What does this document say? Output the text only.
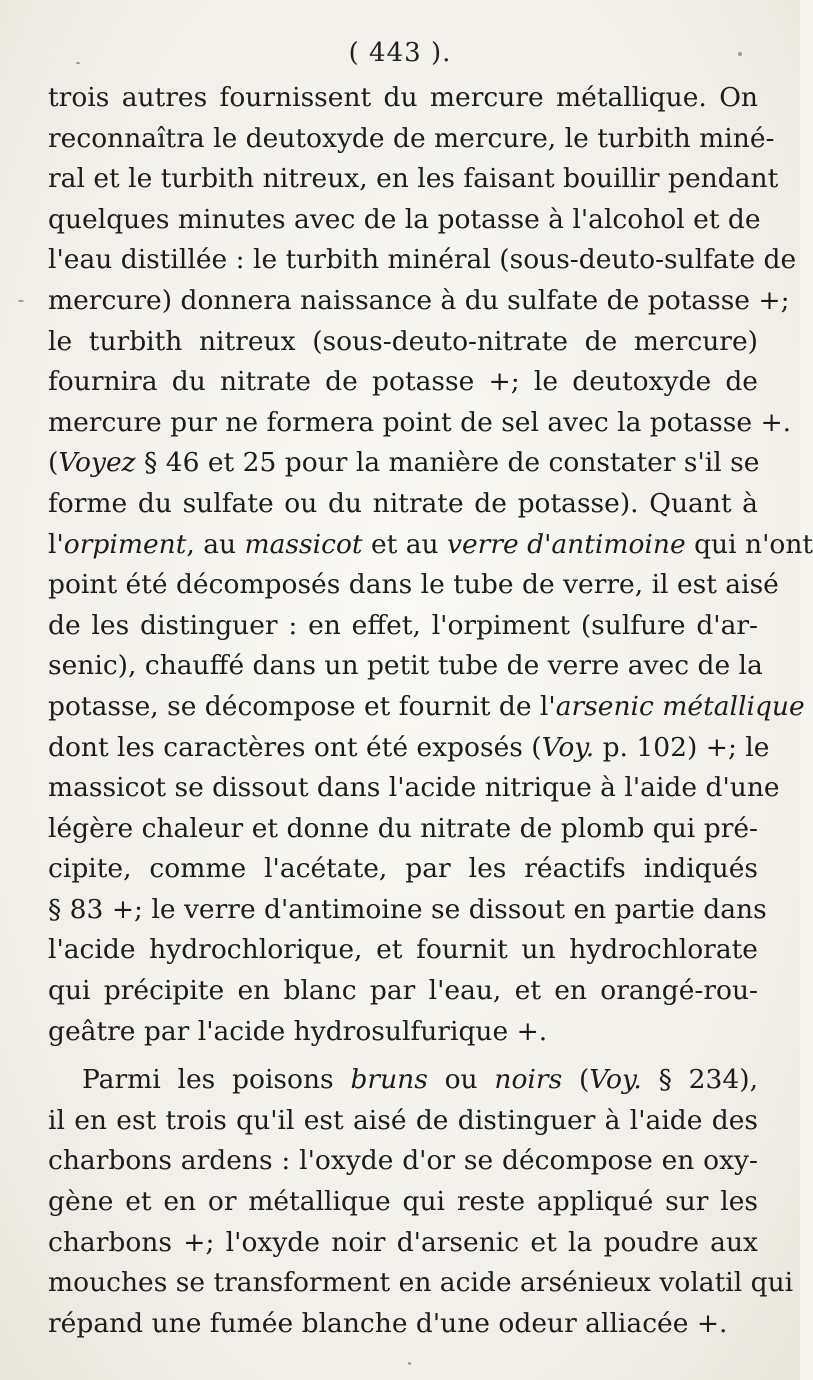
( 443 ).
trois autres fournissent du mercure métallique. On
reconnaîtra le deutoxyde de mercure, le turbith miné-
ral et le turbith nitreux, en les faisant bouillir pendant
quelques minutes avec de la potasse à l'alcohol et de
l'eau distillée : le turbith minéral (sous-deuto-sulfate de
mercure) donnera naissance à du sulfate de potasse +;
le turbith nitreux (sous-deuto-nitrate de mercure)
fournira du nitrate de potasse +; le deutoxyde de
mercure pur ne formera point de sel avec la potasse +.
(Voyez § 46 et 25 pour la manière de constater s'il se
forme du sulfate ou du nitrate de potasse). Quant à
l'orpiment, au massicot et au verre d'antimoine qui n'ont
point été décomposés dans le tube de verre, il est aisé
de les distinguer : en effet, l'orpiment (sulfure d'ar-
senic), chauffé dans un petit tube de verre avec de la
potasse, se décompose et fournit de l'arsenic métallique
dont les caractères ont été exposés (Voy. p. 102) +; le
massicot se dissout dans l'acide nitrique à l'aide d'une
légère chaleur et donne du nitrate de plomb qui pré-
cipite, comme l'acétate, par les réactifs indiqués
§ 83 +; le verre d'antimoine se dissout en partie dans
l'acide hydrochlorique, et fournit un hydrochlorate
qui précipite en blanc par l'eau, et en orangé-rou-
geâtre par l'acide hydrosulfurique +.
Parmi les poisons bruns ou noirs (Voy. § 234),
il en est trois qu'il est aisé de distinguer à l'aide des
charbons ardens : l'oxyde d'or se décompose en oxy-
gène et en or métallique qui reste appliqué sur les
charbons +; l'oxyde noir d'arsenic et la poudre aux
mouches se transforment en acide arsénieux volatil qui
répand une fumée blanche d'une odeur alliacée +.
